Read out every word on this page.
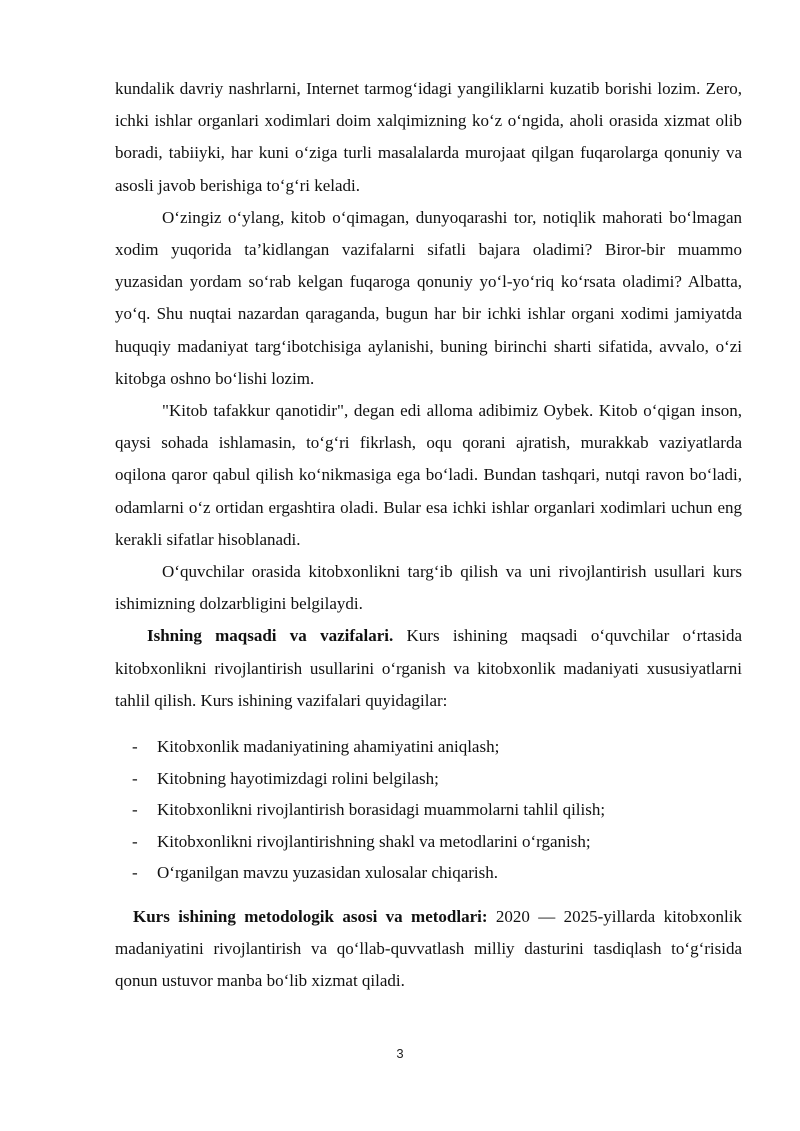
kundalik davriy nashrlarni, Internet tarmog‘idagi yangiliklarni kuzatib borishi lozim. Zero, ichki ishlar organlari xodimlari doim xalqimizning ko‘z o‘ngida, aholi orasida xizmat olib boradi, tabiiyki, har kuni o‘ziga turli masalalarda murojaat qilgan fuqarolarga qonuniy va asosli javob berishiga to‘g‘ri keladi.

O‘zingiz o‘ylang, kitob o‘qimagan, dunyoqarashi tor, notiqlik mahorati bo‘lmagan xodim yuqorida ta’kidlangan vazifalarni sifatli bajara oladimi? Biror-bir muammo yuzasidan yordam so‘rab kelgan fuqaroga qonuniy yo‘l-yo‘riq ko‘rsata oladimi? Albatta, yo‘q. Shu nuqtai nazardan qaraganda, bugun har bir ichki ishlar organi xodimi jamiyatda huquqiy madaniyat targ‘ibotchisiga aylanishi, buning birinchi sharti sifatida, avvalo, o‘zi kitobga oshno bo‘lishi lozim.

"Kitob tafakkur qanotidir", degan edi alloma adibimiz Oybek. Kitob o‘qigan inson, qaysi sohada ishlamasin, to‘g‘ri fikrlash, oqu qorani ajratish, murakkab vaziyatlarda oqilona qaror qabul qilish ko‘nikmasiga ega bo‘ladi. Bundan tashqari, nutqi ravon bo‘ladi, odamlarni o‘z ortidan ergashtira oladi. Bular esa ichki ishlar organlari xodimlari uchun eng kerakli sifatlar hisoblanadi.

O‘quvchilar orasida kitobxonlikni targ‘ib qilish va uni rivojlantirish usullari kurs ishimizning dolzarbligini belgilaydi.

Ishning maqsadi va vazifalari. Kurs ishining maqsadi o‘quvchilar o‘rtasida kitobxonlikni rivojlantirish usullarini o‘rganish va kitobxonlik madaniyati xususiyatlarni tahlil qilish. Kurs ishining vazifalari quyidagilar:

-	Kitobxonlik madaniyatining ahamiyatini aniqlash;
-	Kitobning hayotimizdagi rolini belgilash;
-	Kitobxonlikni rivojlantirish borasidagi muammolarni tahlil qilish;
-	Kitobxonlikni rivojlantirishning shakl va metodlarini o‘rganish;
-	O‘rganilgan mavzu yuzasidan xulosalar chiqarish.

Kurs ishining metodologik asosi va metodlari: 2020 — 2025-yillarda kitobxonlik madaniyatini rivojlantirish va qo‘llab-quvvatlash milliy dasturini tasdiqlash to‘g‘risida qonun ustuvor manba bo‘lib xizmat qiladi.

3
